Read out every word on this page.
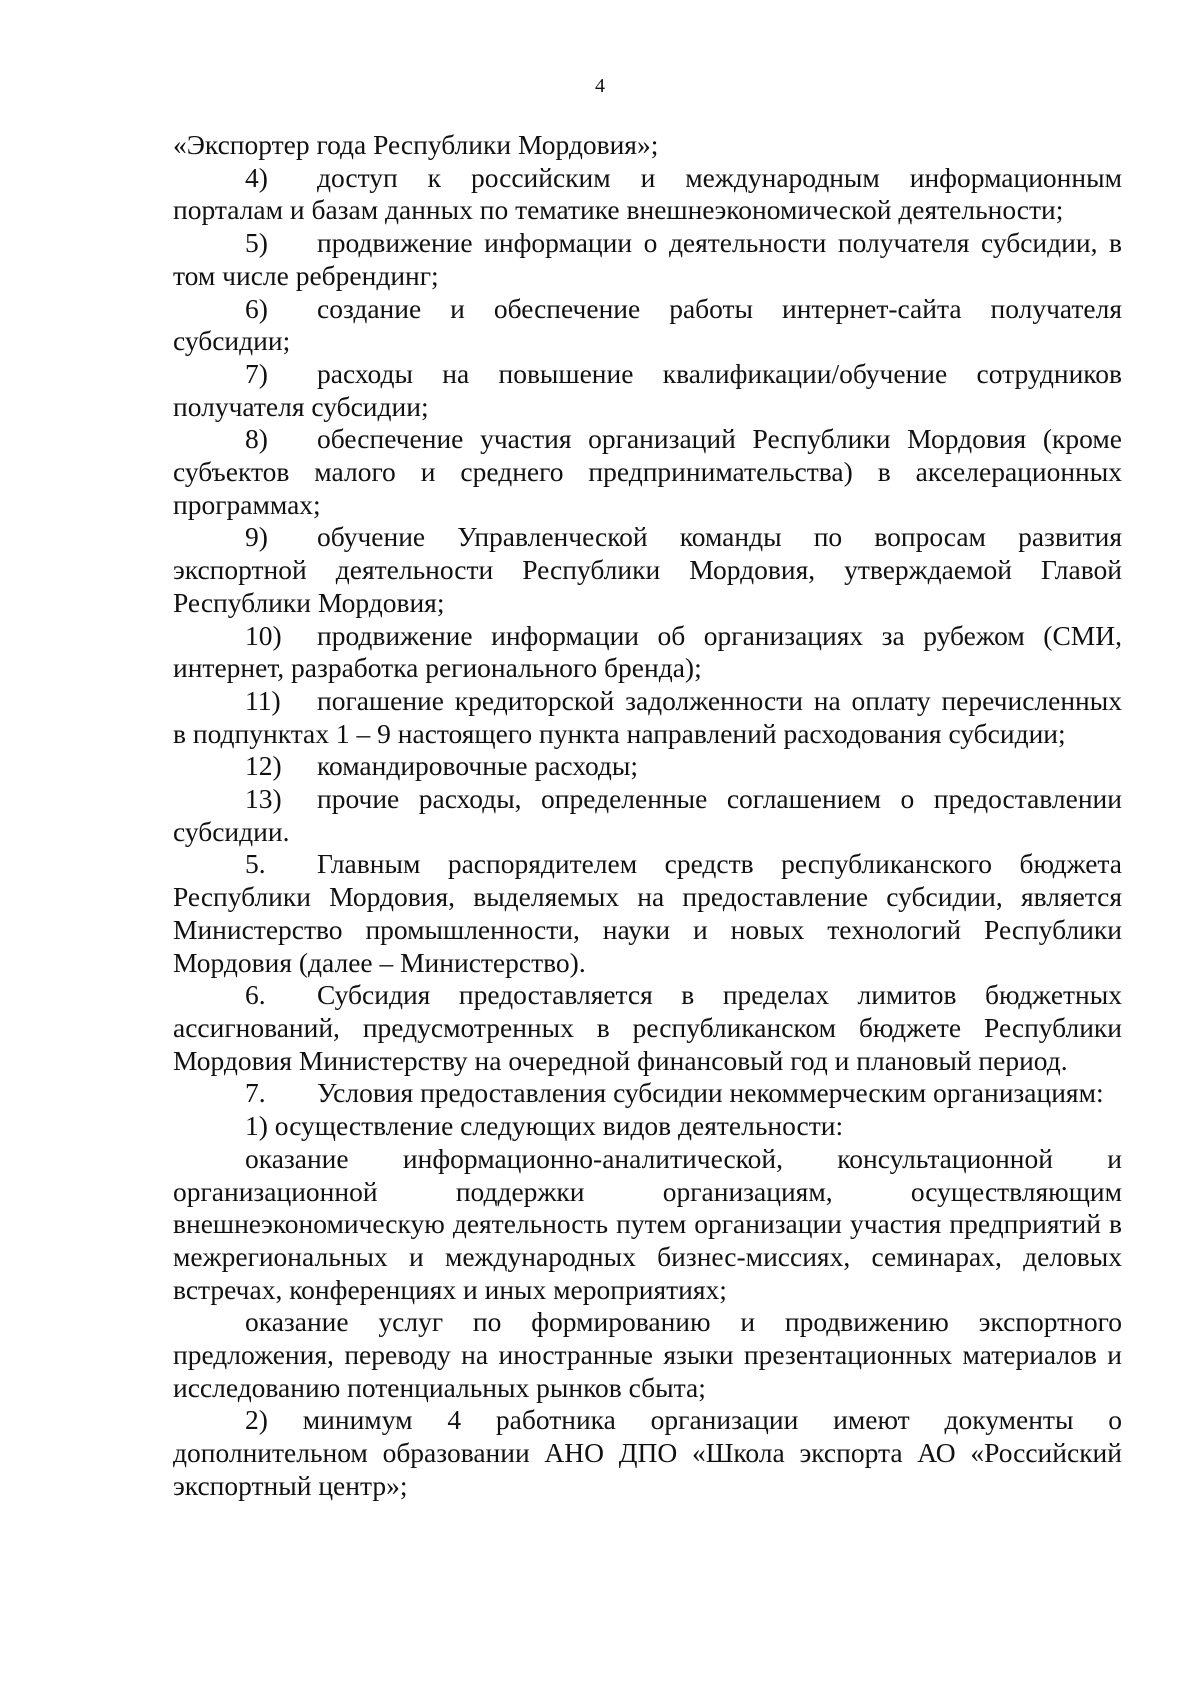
4

«Экспортер года Республики Мордовия»;

4) доступ к российским и международным информационным порталам и базам данных по тематике внешнеэкономической деятельности;

5) продвижение информации о деятельности получателя субсидии, в том числе ребрендинг;

6) создание и обеспечение работы интернет-сайта получателя субсидии;

7) расходы на повышение квалификации/обучение сотрудников получателя субсидии;

8) обеспечение участия организаций Республики Мордовия (кроме субъектов малого и среднего предпринимательства) в акселерационных программах;

9) обучение Управленческой команды по вопросам развития экспортной деятельности Республики Мордовия, утверждаемой Главой Республики Мордовия;

10) продвижение информации об организациях за рубежом (СМИ, интернет, разработка регионального бренда);

11) погашение кредиторской задолженности на оплату перечисленных в подпунктах 1 – 9 настоящего пункта направлений расходования субсидии;

12) командировочные расходы;

13) прочие расходы, определенные соглашением о предоставлении субсидии.

5. Главным распорядителем средств республиканского бюджета Республики Мордовия, выделяемых на предоставление субсидии, является Министерство промышленности, науки и новых технологий Республики Мордовия (далее – Министерство).

6. Субсидия предоставляется в пределах лимитов бюджетных ассигнований, предусмотренных в республиканском бюджете Республики Мордовия Министерству на очередной финансовый год и плановый период.

7. Условия предоставления субсидии некоммерческим организациям:

1) осуществление следующих видов деятельности:

оказание информационно-аналитической, консультационной и организационной поддержки организациям, осуществляющим внешнеэкономическую деятельность путем организации участия предприятий в межрегиональных и международных бизнес-миссиях, семинарах, деловых встречах, конференциях и иных мероприятиях;

оказание услуг по формированию и продвижению экспортного предложения, переводу на иностранные языки презентационных материалов и исследованию потенциальных рынков сбыта;

2) минимум 4 работника организации имеют документы о дополнительном образовании АНО ДПО «Школа экспорта АО «Российский экспортный центр»;
